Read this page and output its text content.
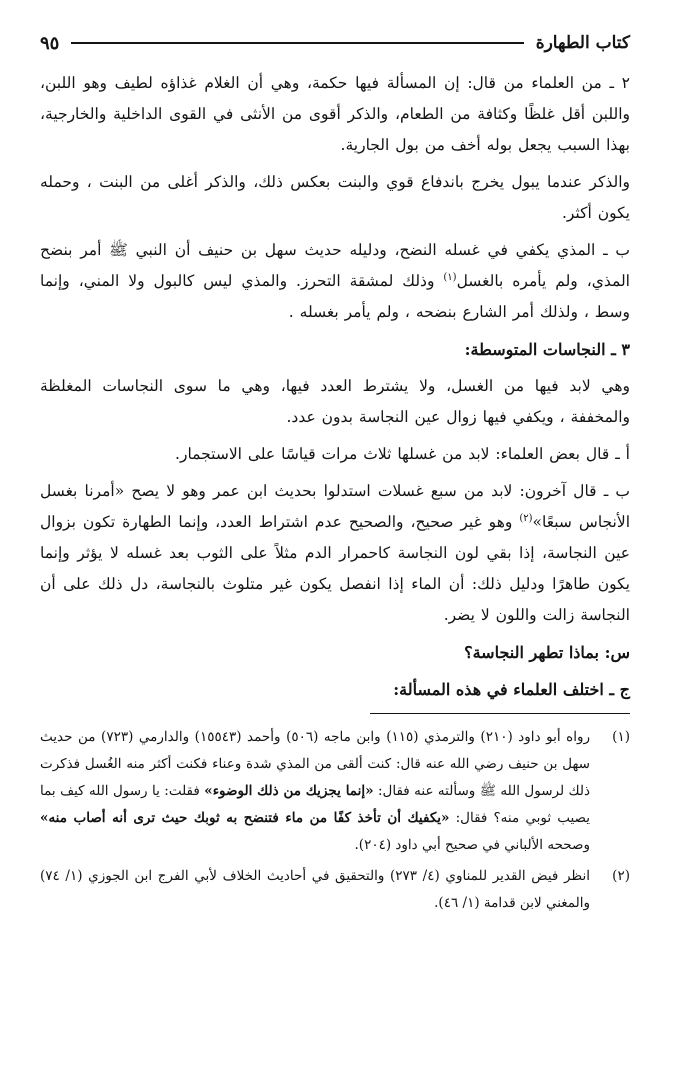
كتاب الطهارة
٩٥

٢ ـ من العلماء من قال: إن المسألة فيها حكمة، وهي أن الغلام غذاؤه لطيف وهو اللبن، واللبن أقل غلظًا وكثافة من الطعام، والذكر أقوى من الأنثى في القوى الداخلية والخارجية، بهذا السبب يجعل بوله أخف من بول الجارية.

والذكر عندما يبول يخرج باندفاع قوي والبنت بعكس ذلك، والذكر أغلى من البنت ، وحمله يكون أكثر.

ب ـ المذي يكفي في غسله النضح، ودليله حديث سهل بن حنيف أن النبي ﷺ أمر بنضح المذي، ولم يأمره بالغسل$^{(١)}$ وذلك لمشقة التحرز. والمذي ليس كالبول ولا المني، وإنما وسط ، ولذلك أمر الشارع بنضحه ، ولم يأمر بغسله .

٣ ـ النجاسات المتوسطة:

وهي لابد فيها من الغسل، ولا يشترط العدد فيها، وهي ما سوى النجاسات المغلظة والمخففة ، ويكفي فيها زوال عين النجاسة بدون عدد.

أ ـ قال بعض العلماء: لابد من غسلها ثلاث مرات قياسًا على الاستجمار.

ب ـ قال آخرون: لابد من سبع غسلات استدلوا بحديث ابن عمر وهو لا يصح «أمرنا بغسل الأنجاس سبعًا»$^{(٢)}$ وهو غير صحيح، والصحيح عدم اشتراط العدد، وإنما الطهارة تكون بزوال عين النجاسة، إذا بقي لون النجاسة كاحمرار الدم مثلاً على الثوب بعد غسله لا يؤثر وإنما يكون طاهرًا ودليل ذلك: أن الماء إذا انفصل يكون غير متلوث بالنجاسة، دل ذلك على أن النجاسة زالت واللون لا يضر.

س: بماذا تطهر النجاسة؟
ج ـ اختلف العلماء في هذه المسألة:
(١)
رواه أبو داود (٢١٠) والترمذي (١١٥) وابن ماجه (٥٠٦) وأحمد (١٥٥٤٣) والدارمي (٧٢٣) من حديث سهل بن حنيف رضي الله عنه قال: كنت ألقى من المذي شدة وعناء فكنت أكثر منه الغُسل فذكرت ذلك لرسول الله ﷺ وسألته عنه فقال: «إنما يجزيك من ذلك الوضوء» فقلت: يا رسول الله كيف بما يصيب ثوبي منه؟ فقال: «يكفيك أن تأخذ كفًا من ماء فتنضح به ثوبك حيث ترى أنه أصاب منه» وصححه الألباني في صحيح أبي داود (٢٠٤).
(٢)
انظر فيض القدير للمناوي (٤/ ٢٧٣) والتحقيق في أحاديث الخلاف لأبي الفرج ابن الجوزي (١/ ٧٤) والمغني لابن قدامة (١/ ٤٦).
